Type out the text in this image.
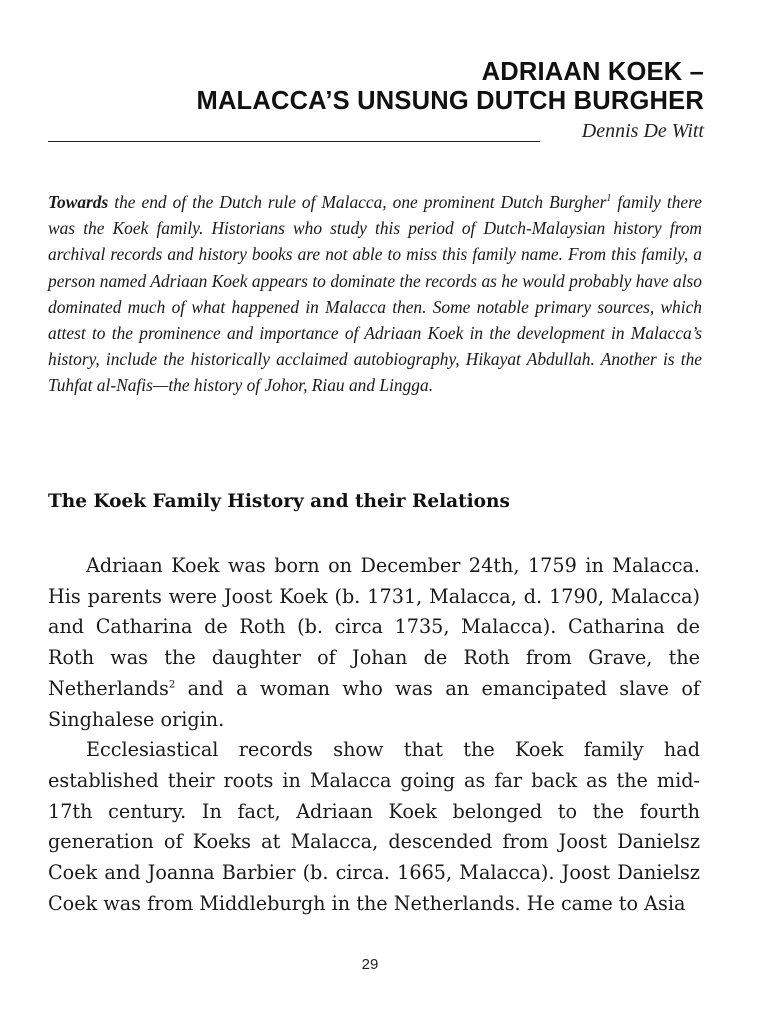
ADRIAAN KOEK –
MALACCA’S UNSUNG DUTCH BURGHER
Dennis De Witt
Towards the end of the Dutch rule of Malacca, one prominent Dutch Burgher$^1$ family there was the Koek family. Historians who study this period of Dutch-Malaysian history from archival records and history books are not able to miss this family name. From this family, a person named Adriaan Koek appears to dominate the records as he would probably have also dominated much of what happened in Malacca then. Some notable primary sources, which attest to the prominence and importance of Adriaan Koek in the development in Malacca’s history, include the historically acclaimed autobiography, Hikayat Abdullah. Another is the Tuhfat al-Nafis—the history of Johor, Riau and Lingga.
The Koek Family History and their Relations

Adriaan Koek was born on December 24th, 1759 in Malacca. His parents were Joost Koek (b. 1731, Malacca, d. 1790, Malacca) and Catharina de Roth (b. circa 1735, Malacca). Catharina de Roth was the daughter of Johan de Roth from Grave, the Netherlands$^2$ and a woman who was an emancipated slave of Singhalese origin.

Ecclesiastical records show that the Koek family had established their roots in Malacca going as far back as the mid-17th century. In fact, Adriaan Koek belonged to the fourth generation of Koeks at Malacca, descended from Joost Danielsz Coek and Joanna Barbier (b. circa. 1665, Malacca). Joost Danielsz Coek was from Middleburgh in the Netherlands. He came to Asia

29
